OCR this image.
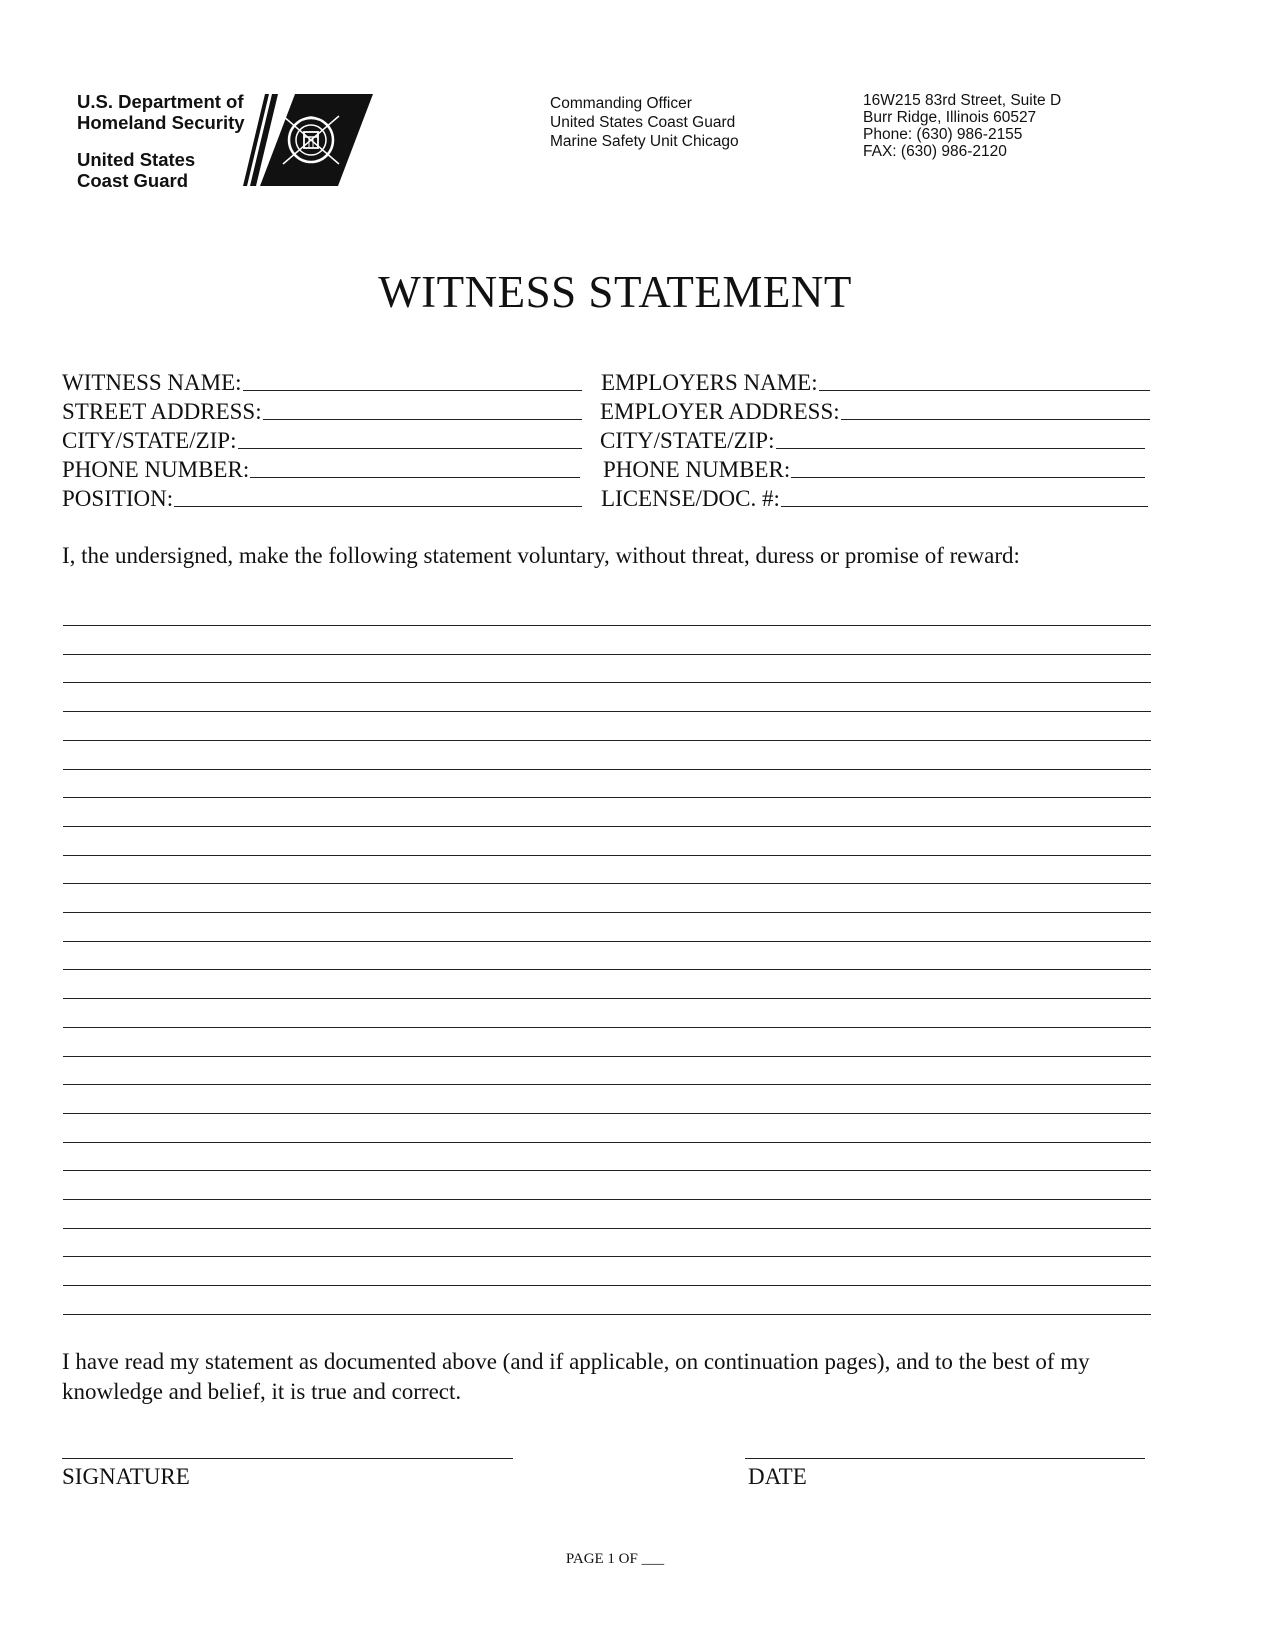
U.S. Department of
Homeland Security
United States
Coast Guard
Commanding Officer
United States Coast Guard
Marine Safety Unit Chicago
16W215 83rd Street, Suite D
Burr Ridge, Illinois 60527
Phone: (630) 986-2155
FAX: (630) 986-2120
WITNESS STATEMENT
WITNESS NAME:
STREET ADDRESS:
CITY/STATE/ZIP:
PHONE NUMBER:
POSITION:
EMPLOYERS NAME:
EMPLOYER ADDRESS:
CITY/STATE/ZIP:
PHONE NUMBER:
LICENSE/DOC. #:
I, the undersigned, make the following statement voluntary, without threat, duress or promise of reward:
I have read my statement as documented above (and if applicable, on continuation pages), and to the best of my knowledge and belief, it is true and correct.
SIGNATURE	DATE
PAGE 1 OF ___
